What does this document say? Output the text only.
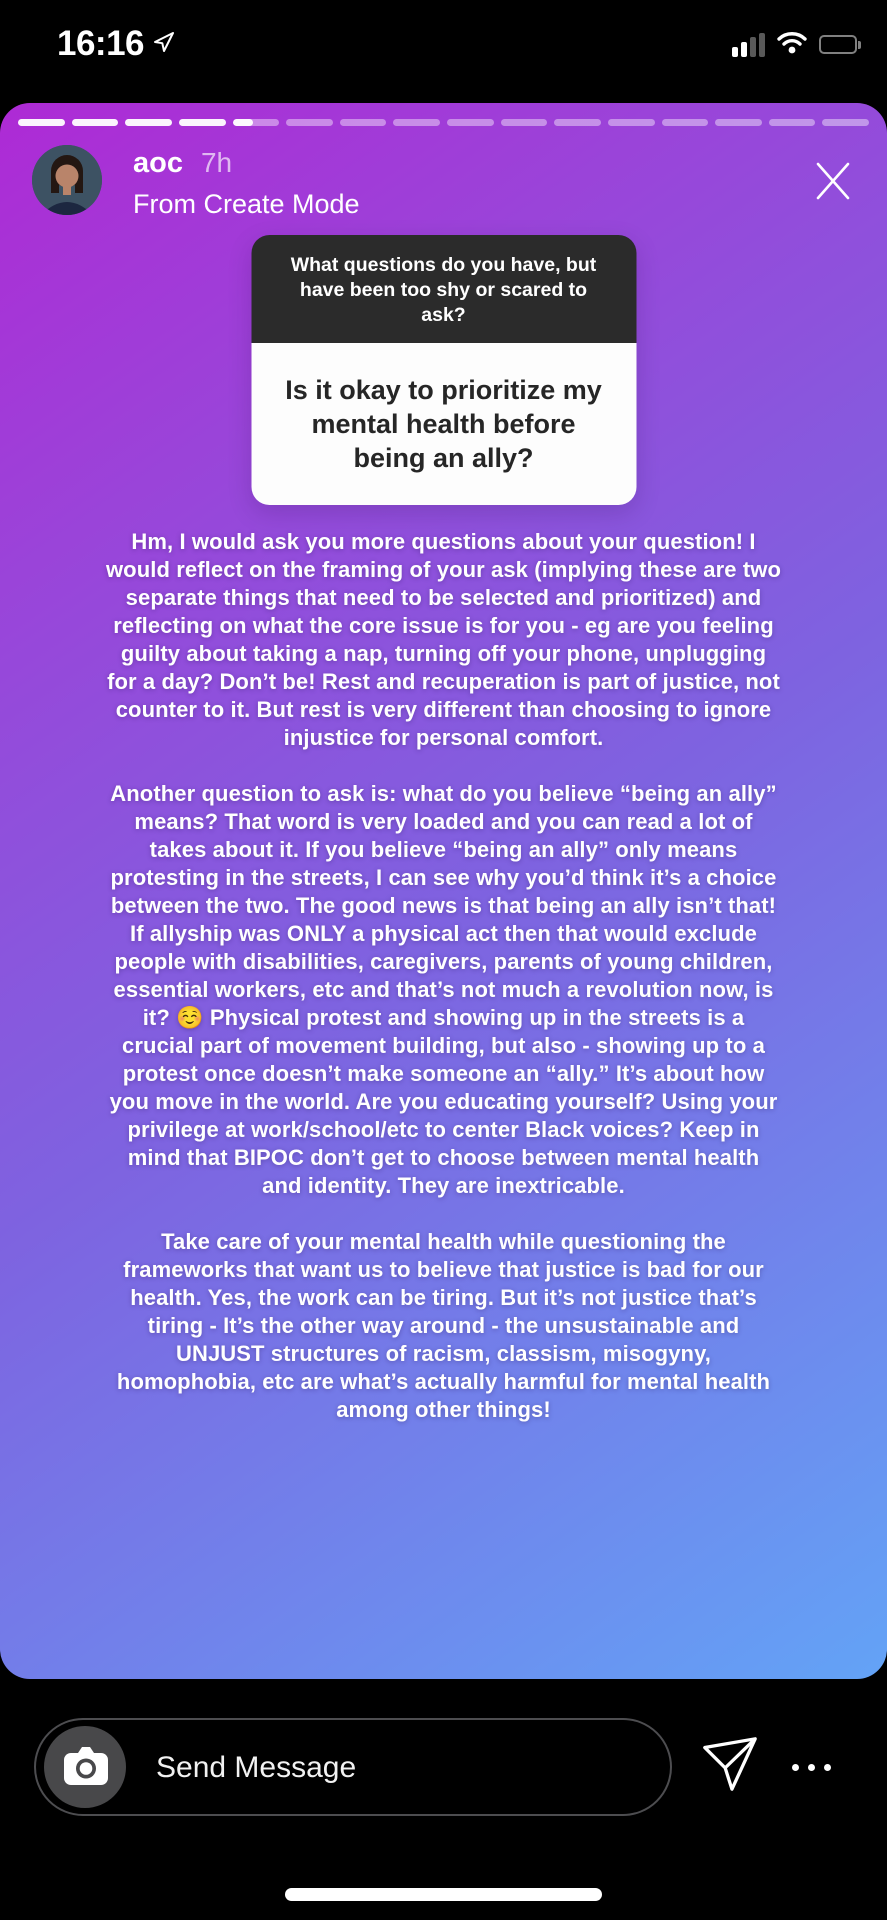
16:16
aoc 7h
From Create Mode
What questions do you have, but have been too shy or scared to ask?
Is it okay to prioritize my mental health before being an ally?

Hm, I would ask you more questions about your question! I would reflect on the framing of your ask (implying these are two separate things that need to be selected and prioritized) and reflecting on what the core issue is for you - eg are you feeling guilty about taking a nap, turning off your phone, unplugging for a day? Don’t be! Rest and recuperation is part of justice, not counter to it. But rest is very different than choosing to ignore injustice for personal comfort.

Another question to ask is: what do you believe “being an ally” means? That word is very loaded and you can read a lot of takes about it. If you believe “being an ally” only means protesting in the streets, I can see why you’d think it’s a choice between the two. The good news is that being an ally isn’t that! If allyship was ONLY a physical act then that would exclude people with disabilities, caregivers, parents of young children, essential workers, etc and that’s not much a revolution now, is it? ☺️ Physical protest and showing up in the streets is a crucial part of movement building, but also - showing up to a protest once doesn’t make someone an “ally.” It’s about how you move in the world. Are you educating yourself? Using your privilege at work/school/etc to center Black voices? Keep in mind that BIPOC don’t get to choose between mental health and identity. They are inextricable.

Take care of your mental health while questioning the frameworks that want us to believe that justice is bad for our health. Yes, the work can be tiring. But it’s not justice that’s tiring - It’s the other way around - the unsustainable and UNJUST structures of racism, classism, misogyny, homophobia, etc are what’s actually harmful for mental health among other things!

Send Message
